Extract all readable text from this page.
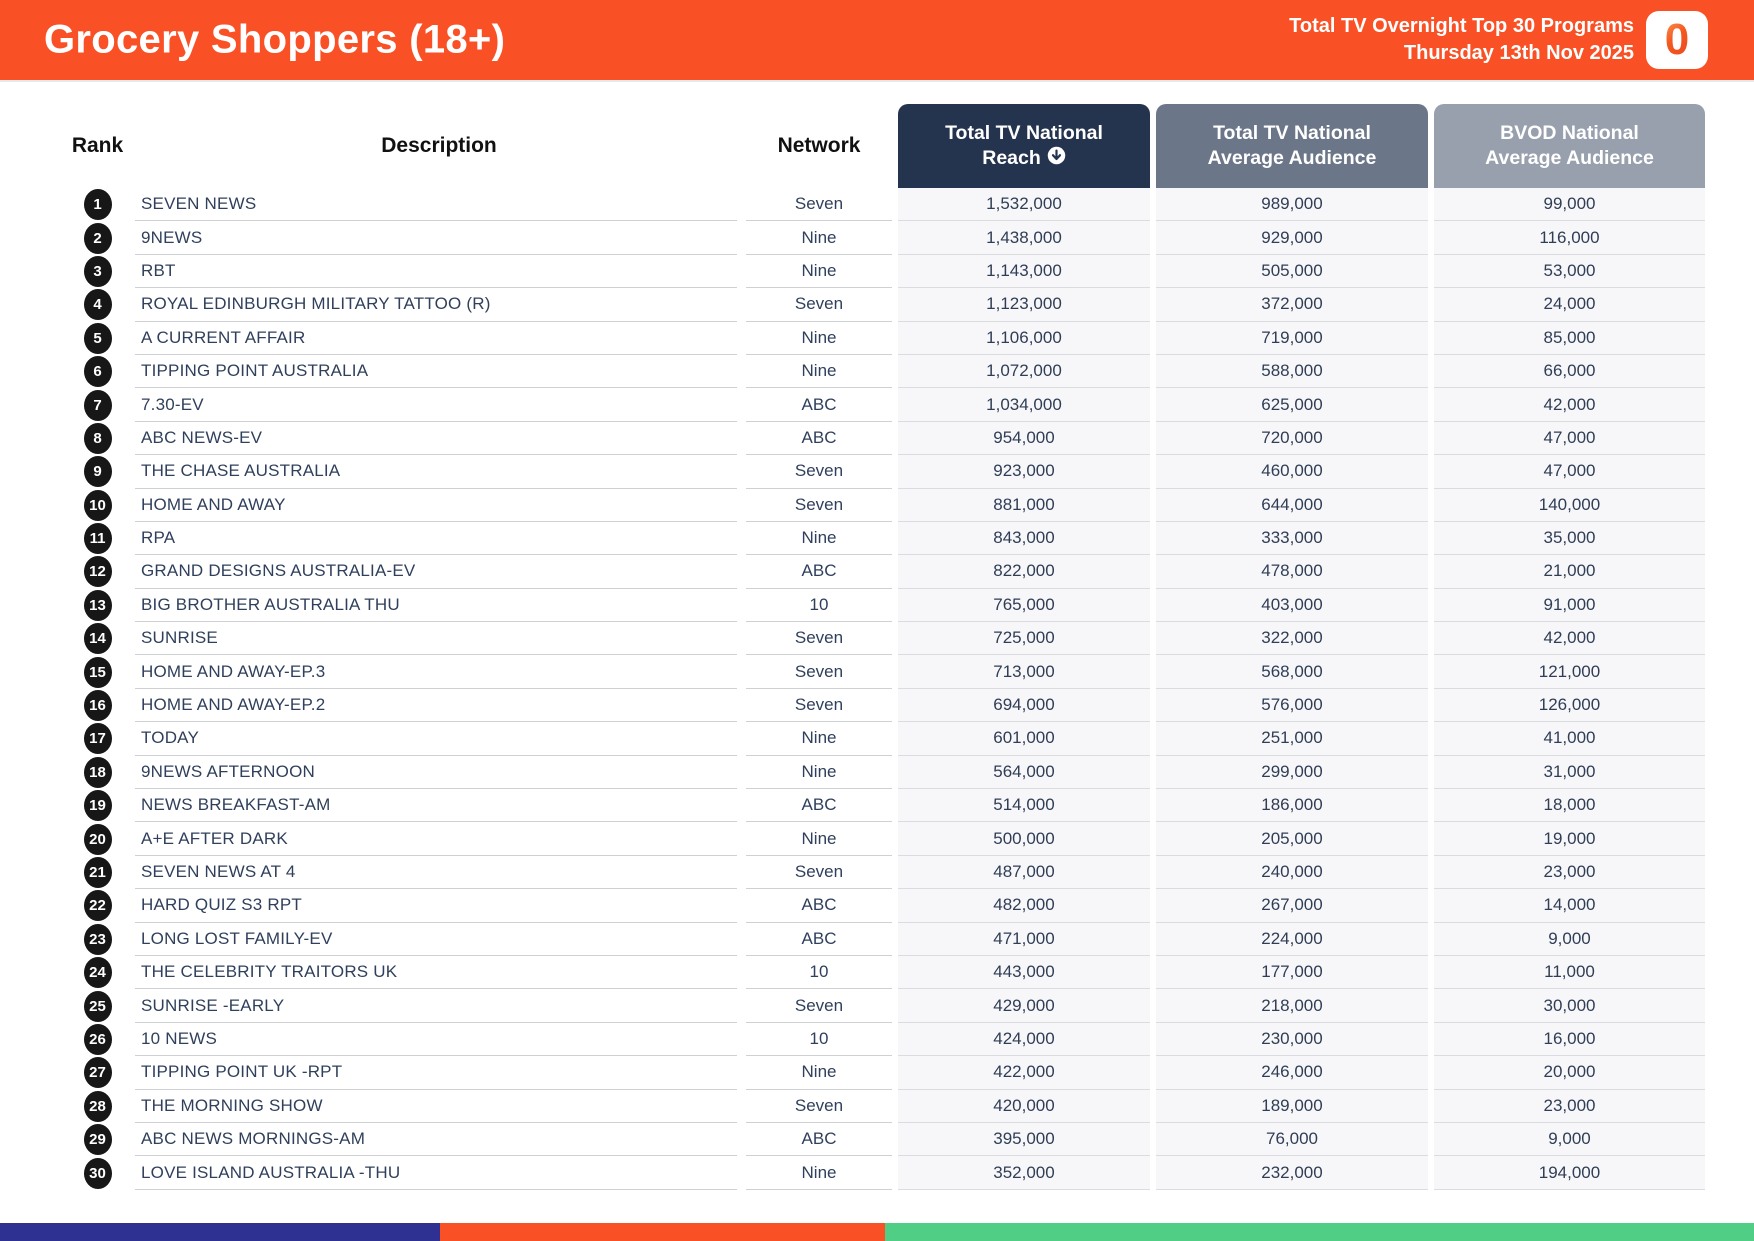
Grocery Shoppers (18+)	Total TV Overnight Top 30 Programs
Thursday 13th Nov 2025 0
Rank	Description	Network
Total TV National
Reach
Total TV National
Average Audience
BVOD National
Average Audience
1	SEVEN NEWS	Seven	1,532,000	989,000	99,000
2	9NEWS	Nine	1,438,000	929,000	116,000
3	RBT	Nine	1,143,000	505,000	53,000
4	ROYAL EDINBURGH MILITARY TATTOO (R)	Seven	1,123,000	372,000	24,000
5	A CURRENT AFFAIR	Nine	1,106,000	719,000	85,000
6	TIPPING POINT AUSTRALIA	Nine	1,072,000	588,000	66,000
7	7.30-EV	ABC	1,034,000	625,000	42,000
8	ABC NEWS-EV	ABC	954,000	720,000	47,000
9	THE CHASE AUSTRALIA	Seven	923,000	460,000	47,000
10	HOME AND AWAY	Seven	881,000	644,000	140,000
11	RPA	Nine	843,000	333,000	35,000
12	GRAND DESIGNS AUSTRALIA-EV	ABC	822,000	478,000	21,000
13	BIG BROTHER AUSTRALIA THU	10	765,000	403,000	91,000
14	SUNRISE	Seven	725,000	322,000	42,000
15	HOME AND AWAY-EP.3	Seven	713,000	568,000	121,000
16	HOME AND AWAY-EP.2	Seven	694,000	576,000	126,000
17	TODAY	Nine	601,000	251,000	41,000
18	9NEWS AFTERNOON	Nine	564,000	299,000	31,000
19	NEWS BREAKFAST-AM	ABC	514,000	186,000	18,000
20	A+E AFTER DARK	Nine	500,000	205,000	19,000
21	SEVEN NEWS AT 4	Seven	487,000	240,000	23,000
22	HARD QUIZ S3 RPT	ABC	482,000	267,000	14,000
23	LONG LOST FAMILY-EV	ABC	471,000	224,000	9,000
24	THE CELEBRITY TRAITORS UK	10	443,000	177,000	11,000
25	SUNRISE -EARLY	Seven	429,000	218,000	30,000
26	10 NEWS	10	424,000	230,000	16,000
27	TIPPING POINT UK -RPT	Nine	422,000	246,000	20,000
28	THE MORNING SHOW	Seven	420,000	189,000	23,000
29	ABC NEWS MORNINGS-AM	ABC	395,000	76,000	9,000
30	LOVE ISLAND AUSTRALIA -THU	Nine	352,000	232,000	194,000
